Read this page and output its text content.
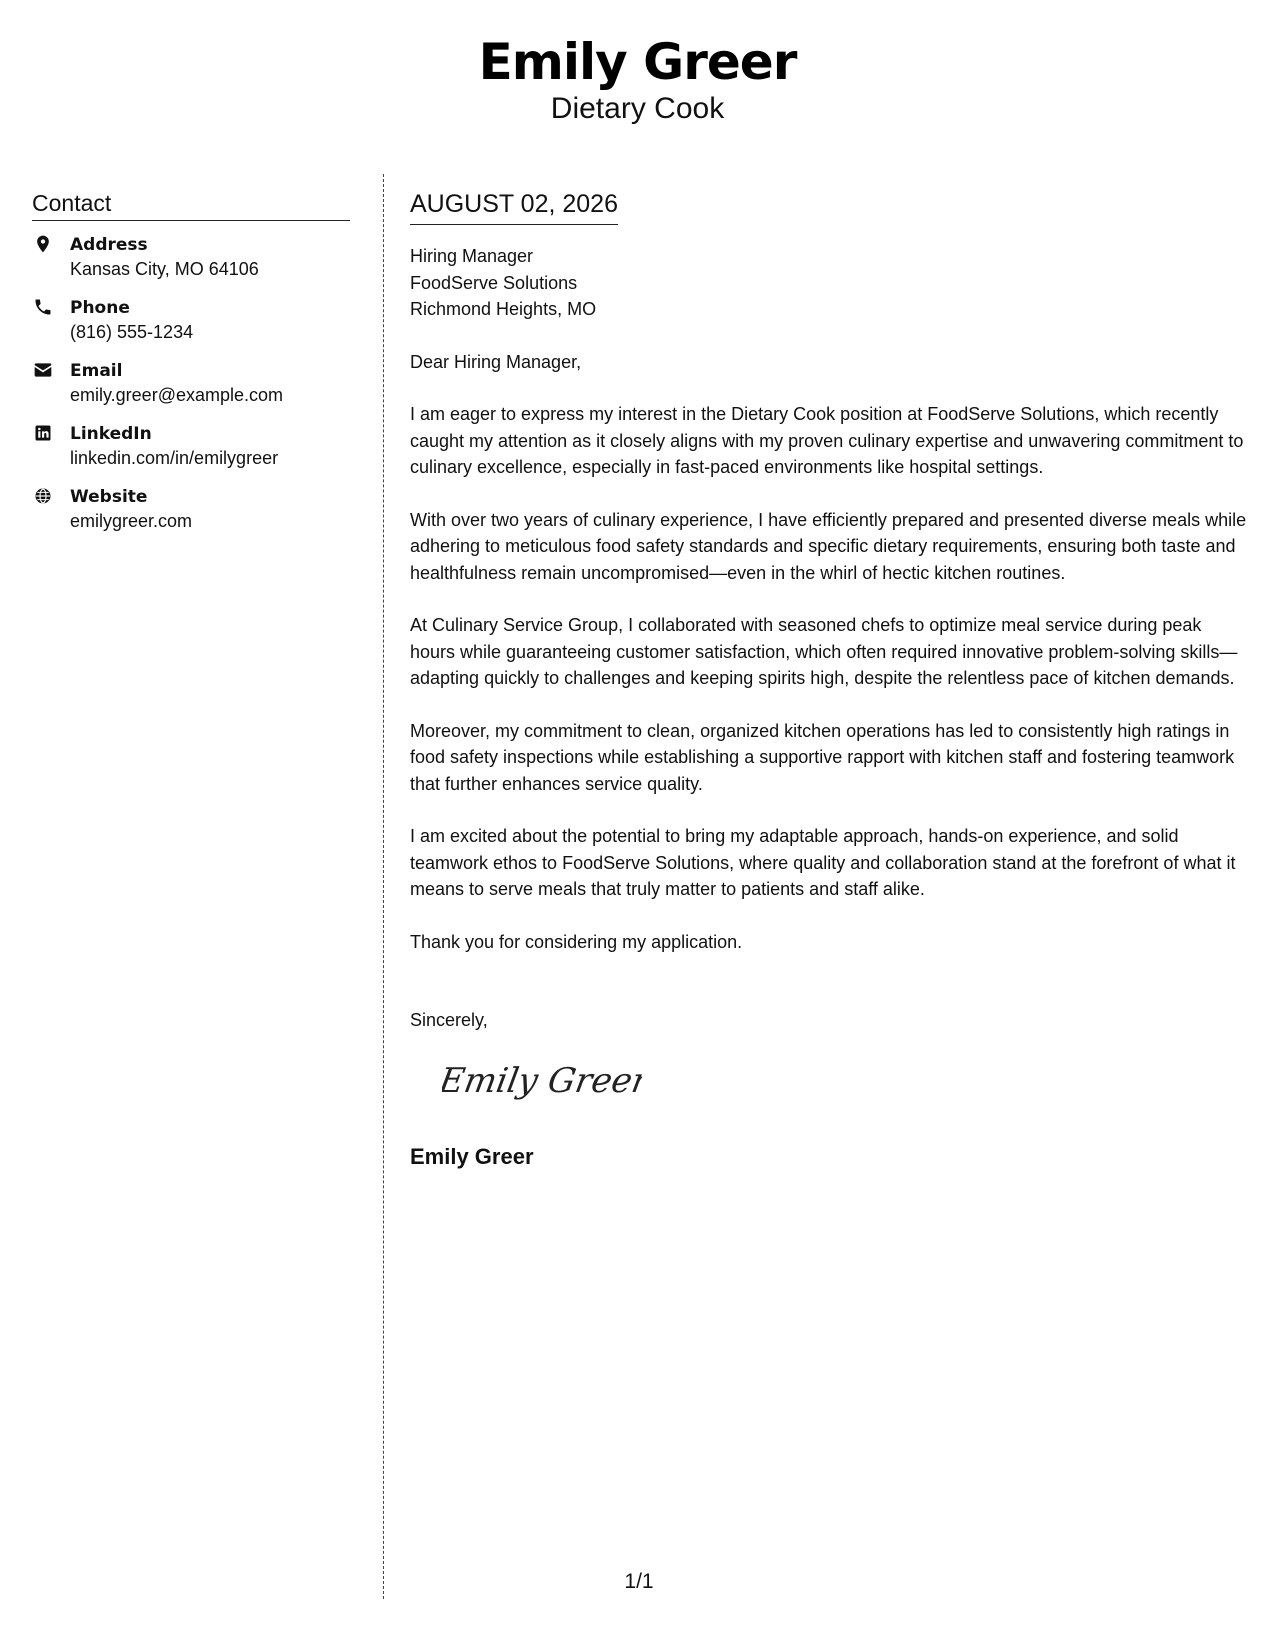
Emily Greer
Dietary Cook
Contact
Address
Kansas City, MO 64106
Phone
(816) 555-1234
Email
emily.greer@example.com
LinkedIn
linkedin.com/in/emilygreer
Website
emilygreer.com
AUGUST 02, 2026
Hiring Manager
FoodServe Solutions
Richmond Heights, MO
Dear Hiring Manager,
I am eager to express my interest in the Dietary Cook position at FoodServe Solutions, which recently caught my attention as it closely aligns with my proven culinary expertise and unwavering commitment to culinary excellence, especially in fast-paced environments like hospital settings.
With over two years of culinary experience, I have efficiently prepared and presented diverse meals while adhering to meticulous food safety standards and specific dietary requirements, ensuring both taste and healthfulness remain uncompromised—even in the whirl of hectic kitchen routines.
At Culinary Service Group, I collaborated with seasoned chefs to optimize meal service during peak hours while guaranteeing customer satisfaction, which often required innovative problem-solving skills—adapting quickly to challenges and keeping spirits high, despite the relentless pace of kitchen demands.
Moreover, my commitment to clean, organized kitchen operations has led to consistently high ratings in food safety inspections while establishing a supportive rapport with kitchen staff and fostering teamwork that further enhances service quality.
I am excited about the potential to bring my adaptable approach, hands-on experience, and solid teamwork ethos to FoodServe Solutions, where quality and collaboration stand at the forefront of what it means to serve meals that truly matter to patients and staff alike.
Thank you for considering my application.
Sincerely,
Emily Greer
Emily Greer
1/1
